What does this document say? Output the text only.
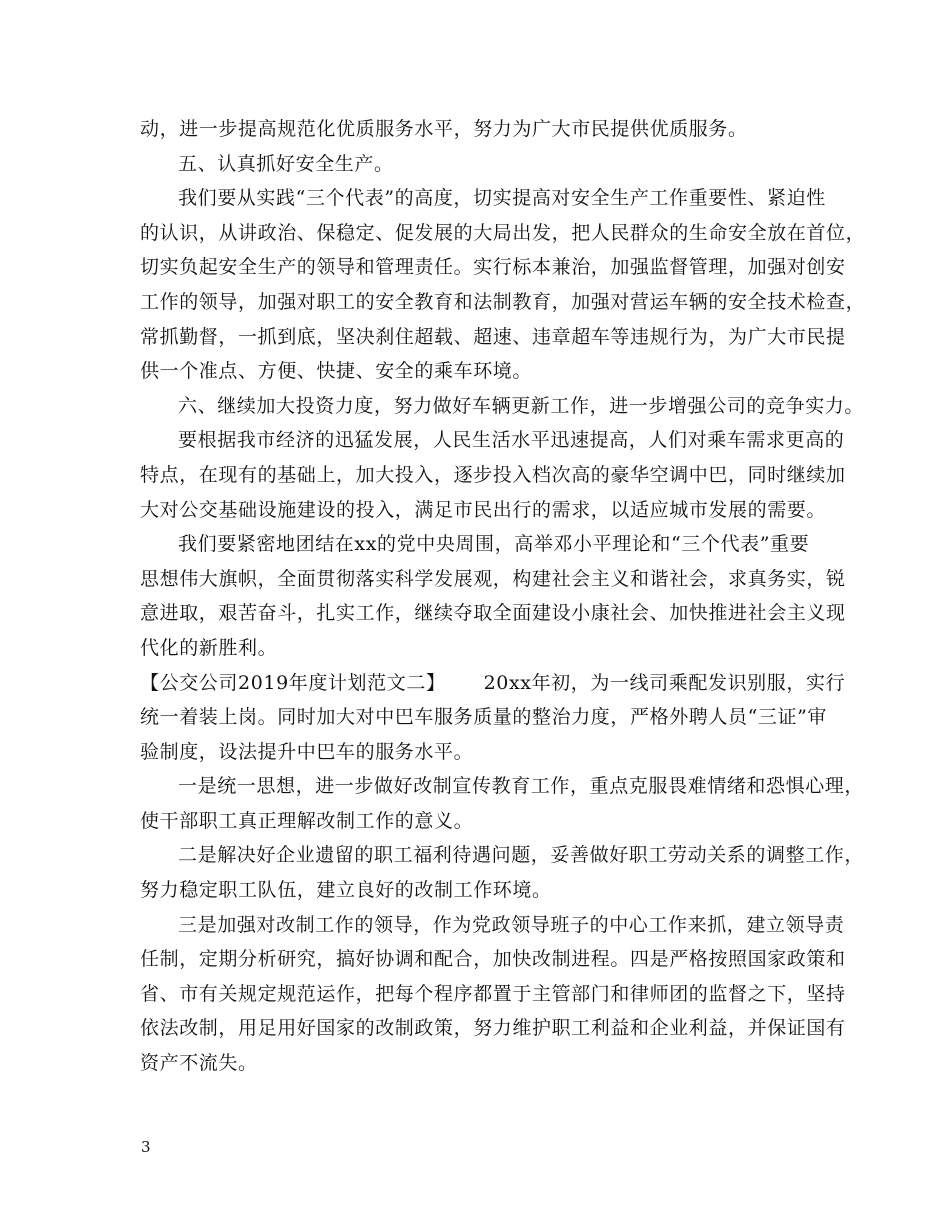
动，进一步提高规范化优质服务水平，努力为广大市民提供优质服务。
五、认真抓好安全生产。
我们要从实践“三个代表”的高度，切实提高对安全生产工作重要性、紧迫性
的认识，从讲政治、保稳定、促发展的大局出发，把人民群众的生命安全放在首位，
切实负起安全生产的领导和管理责任。实行标本兼治，加强监督管理，加强对创安
工作的领导，加强对职工的安全教育和法制教育，加强对营运车辆的安全技术检查，
常抓勤督，一抓到底，坚决刹住超载、超速、违章超车等违规行为，为广大市民提
供一个准点、方便、快捷、安全的乘车环境。
六、继续加大投资力度，努力做好车辆更新工作，进一步增强公司的竞争实力。
要根据我市经济的迅猛发展，人民生活水平迅速提高，人们对乘车需求更高的
特点，在现有的基础上，加大投入，逐步投入档次高的豪华空调中巴，同时继续加
大对公交基础设施建设的投入，满足市民出行的需求，以适应城市发展的需要。
我们要紧密地团结在xx的党中央周围，高举邓小平理论和“三个代表”重要
思想伟大旗帜，全面贯彻落实科学发展观，构建社会主义和谐社会，求真务实，锐
意进取，艰苦奋斗，扎实工作，继续夺取全面建设小康社会、加快推进社会主义现
代化的新胜利。
【公交公司2019年度计划范文二】 20xx年初，为一线司乘配发识别服，实行
统一着装上岗。同时加大对中巴车服务质量的整治力度，严格外聘人员“三证”审
验制度，设法提升中巴车的服务水平。
一是统一思想，进一步做好改制宣传教育工作，重点克服畏难情绪和恐惧心理，
使干部职工真正理解改制工作的意义。
二是解决好企业遗留的职工福利待遇问题，妥善做好职工劳动关系的调整工作，
努力稳定职工队伍，建立良好的改制工作环境。
三是加强对改制工作的领导，作为党政领导班子的中心工作来抓，建立领导责
任制，定期分析研究，搞好协调和配合，加快改制进程。四是严格按照国家政策和
省、市有关规定规范运作，把每个程序都置于主管部门和律师团的监督之下，坚持
依法改制，用足用好国家的改制政策，努力维护职工利益和企业利益，并保证国有
资产不流失。
3
